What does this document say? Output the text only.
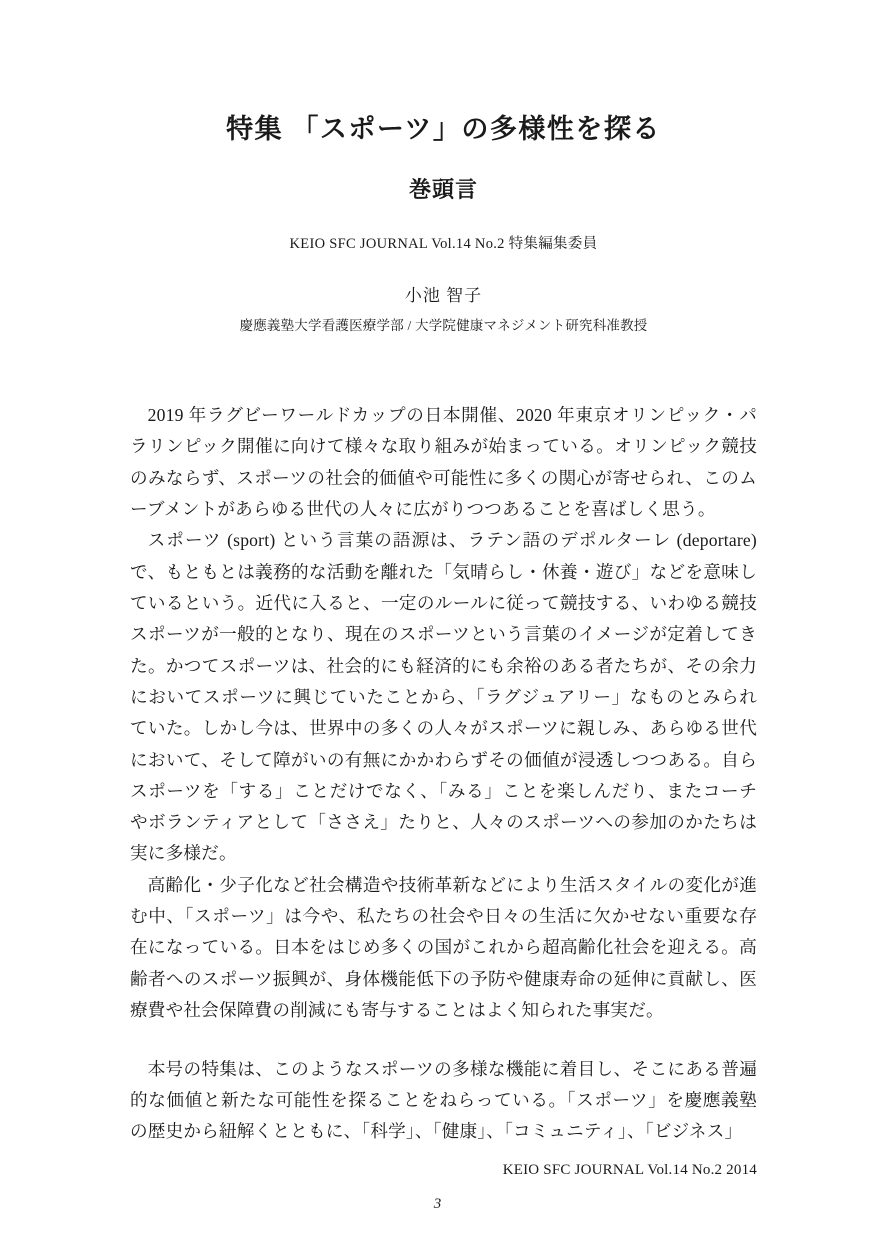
特集 「スポーツ」の多様性を探る
巻頭言
KEIO SFC JOURNAL Vol.14 No.2 特集編集委員
小池 智子
慶應義塾大学看護医療学部 / 大学院健康マネジメント研究科准教授

2019 年ラグビーワールドカップの日本開催、2020 年東京オリンピック・パラリンピック開催に向けて様々な取り組みが始まっている。オリンピック競技のみならず、スポーツの社会的価値や可能性に多くの関心が寄せられ、このムーブメントがあらゆる世代の人々に広がりつつあることを喜ばしく思う。

スポーツ (sport) という言葉の語源は、ラテン語のデポルターレ (deportare) で、もともとは義務的な活動を離れた「気晴らし・休養・遊び」などを意味しているという。近代に入ると、一定のルールに従って競技する、いわゆる競技スポーツが一般的となり、現在のスポーツという言葉のイメージが定着してきた。かつてスポーツは、社会的にも経済的にも余裕のある者たちが、その余力においてスポーツに興じていたことから、「ラグジュアリー」なものとみられていた。しかし今は、世界中の多くの人々がスポーツに親しみ、あらゆる世代において、そして障がいの有無にかかわらずその価値が浸透しつつある。自らスポーツを「する」ことだけでなく、「みる」ことを楽しんだり、またコーチやボランティアとして「ささえ」たりと、人々のスポーツへの参加のかたちは実に多様だ。

高齢化・少子化など社会構造や技術革新などにより生活スタイルの変化が進む中、「スポーツ」は今や、私たちの社会や日々の生活に欠かせない重要な存在になっている。日本をはじめ多くの国がこれから超高齢化社会を迎える。高齢者へのスポーツ振興が、身体機能低下の予防や健康寿命の延伸に貢献し、医療費や社会保障費の削減にも寄与することはよく知られた事実だ。

本号の特集は、このようなスポーツの多様な機能に着目し、そこにある普遍的な価値と新たな可能性を探ることをねらっている。「スポーツ」を慶應義塾の歴史から紐解くとともに、「科学」、「健康」、「コミュニティ」、「ビジネス」

KEIO SFC JOURNAL Vol.14 No.2 2014
3
